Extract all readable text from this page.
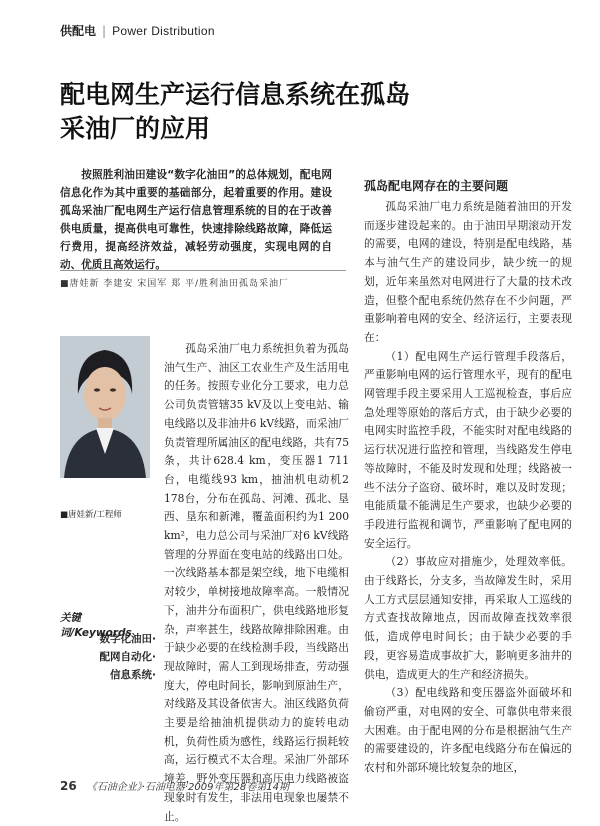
供配电 | Power Distribution
配电网生产运行信息系统在孤岛
采油厂的应用
按照胜利油田建设“数字化油田”的总体规划，配电网信息化作为其中重要的基础部分，起着重要的作用。建设孤岛采油厂配电网生产运行信息管理系统的目的在于改善供电质量，提高供电可靠性，快速排除线路故障，降低运行费用，提高经济效益，减轻劳动强度，实现电网的自动、优质且高效运行。
■唐娃新 李建安 宋国军 郑 平/胜利油田孤岛采油厂
■唐娃新/工程师
关键词/Keywords
数字化油田·
配网自动化·
信息系统·

孤岛采油厂电力系统担负着为孤岛油气生产、油区工农业生产及生活用电的任务。按照专业化分工要求，电力总公司负责管辖35 kV及以上变电站、输电线路以及非油井6 kV线路，而采油厂负责管理所属油区的配电线路，共有75条，共计628.4 km，变压器1 711台，电缆线93 km，抽油机电动机2 178台，分布在孤岛、河滩、孤北、垦西、垦东和新滩，覆盖面积约为1 200 km²，电力总公司与采油厂对6 kV线路管理的分界面在变电站的线路出口处。一次线路基本都是架空线，地下电缆相对较少，单树接地故障率高。一般情况下，油井分布面积广，供电线路地形复杂，声率甚生，线路故障排除困难。由于缺少必要的在线检测手段，当线路出现故障时，需人工到现场排查，劳动强度大，停电时间长，影响到原油生产，对线路及其设备依害大。油区线路负荷主要是给抽油机提供动力的旋转电动机，负荷性质为感性，线路运行损耗较高，运行模式不太合理。采油厂外部环境差，野外变压器和高压电力线路被盗现象时有发生，非法用电现象也屡禁不止。

孤岛配电网存在的主要问题

孤岛采油厂电力系统是随着油田的开发而逐步建设起来的。由于油田早期滚动开发的需要，电网的建设，特别是配电线路，基本与油气生产的建设同步，缺少统一的规划，近年来虽然对电网进行了大量的技术改造，但整个配电系统仍然存在不少问题，严重影响着电网的安全、经济运行，主要表现在：

（1）配电网生产运行管理手段落后，严重影响电网的运行管理水平，现有的配电网管理手段主要采用人工巡视检查，事后应急处理等原始的落后方式，由于缺少必要的电网实时监控手段，不能实时对配电线路的运行状况进行监控和管理，当线路发生停电等故障时，不能及时发现和处理；线路被一些不法分子盗窃、破坏时，难以及时发现；电能质量不能满足生产要求，也缺少必要的手段进行监视和调节，严重影响了配电网的安全运行。

（2）事故应对措施少，处理效率低。由于线路长，分支多，当故障发生时，采用人工方式层层通知安排，再采取人工巡线的方式查找故障地点，因而故障查找效率很低，造成停电时间长；由于缺少必要的手段，更容易造成事故扩大，影响更多油井的供电，造成更大的生产和经济损失。

（3）配电线路和变压器盗外面破坏和偷窃严重，对电网的安全、可靠供电带来很大困难。由于配电网的分布是根据油气生产的需要建设的，许多配电线路分布在偏远的农村和外部环境比较复杂的地区，

26 《石油企业》·石油电器·2009年第28卷第14期
